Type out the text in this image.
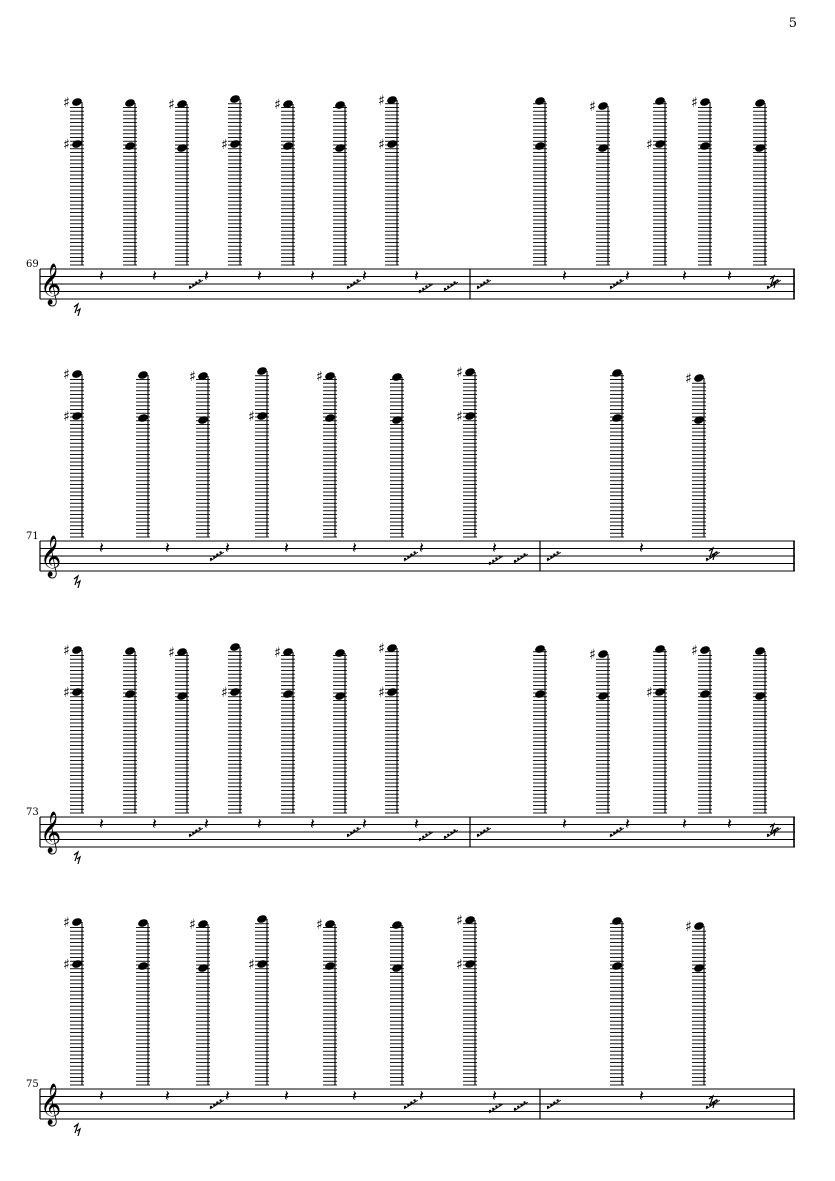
5
69
71
73
75
𝄞
♯
♯
𝄽	𝄽
♯
𝄽
♯
𝄽
♯
𝄽	𝄽
♯
♯
𝄽	𝄽
♯
𝄽
♯
𝄽
♯
𝄽
𝄞
♯
♯
𝄽	𝄽
♯
𝄽
♯
𝄽
♯
𝄽	𝄽
♯
♯
𝄽	𝄽
♯
𝄞
♯
♯
𝄽	𝄽
♯
𝄽
♯
𝄽
♯
𝄽	𝄽
♯
♯
𝄽	𝄽
♯
𝄽
♯
𝄽
♯
𝄽
𝄞
♯
♯
𝄽	𝄽
♯
𝄽
♯
𝄽
♯
𝄽	𝄽
♯
♯
𝄽	𝄽
♯
